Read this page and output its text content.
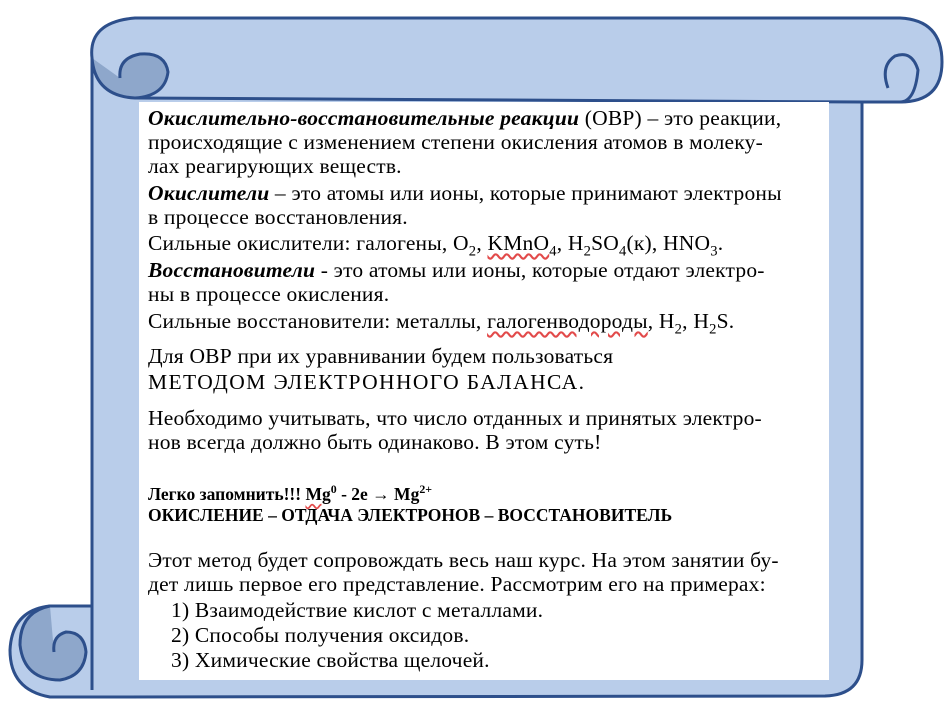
Окислительно-восстановительные реакции (ОВР) – это реакции,
происходящие с изменением степени окисления атомов в молеку-
лах реагирующих веществ.
Окислители – это атомы или ионы, которые принимают электроны
в процессе восстановления.
Сильные окислители: галогены, $O_2$, KMnO$_4$, $H_2SO_4(к)$, $HNO_3$.
Восстановители - это атомы или ионы, которые отдают электро-
ны в процессе окисления.
Сильные восстановители: металлы, галогенводороды, $H_2$, $H_2S$.
Для ОВР при их уравнивании будем пользоваться
МЕТОДОМ ЭЛЕКТРОННОГО БАЛАНСА.
Необходимо учитывать, что число отданных и принятых электро-
нов всегда должно быть одинаково. В этом суть!
Легко запомнить!!! $Mg^0 - 2e \to Mg^{2+}$
ОКИСЛЕНИЕ – ОТДАЧА ЭЛЕКТРОНОВ – ВОССТАНОВИТЕЛЬ
Этот метод будет сопровождать весь наш курс. На этом занятии бу-
дет лишь первое его представление. Рассмотрим его на примерах:
1) Взаимодействие кислот с металлами.
2) Способы получения оксидов.
3) Химические свойства щелочей.
